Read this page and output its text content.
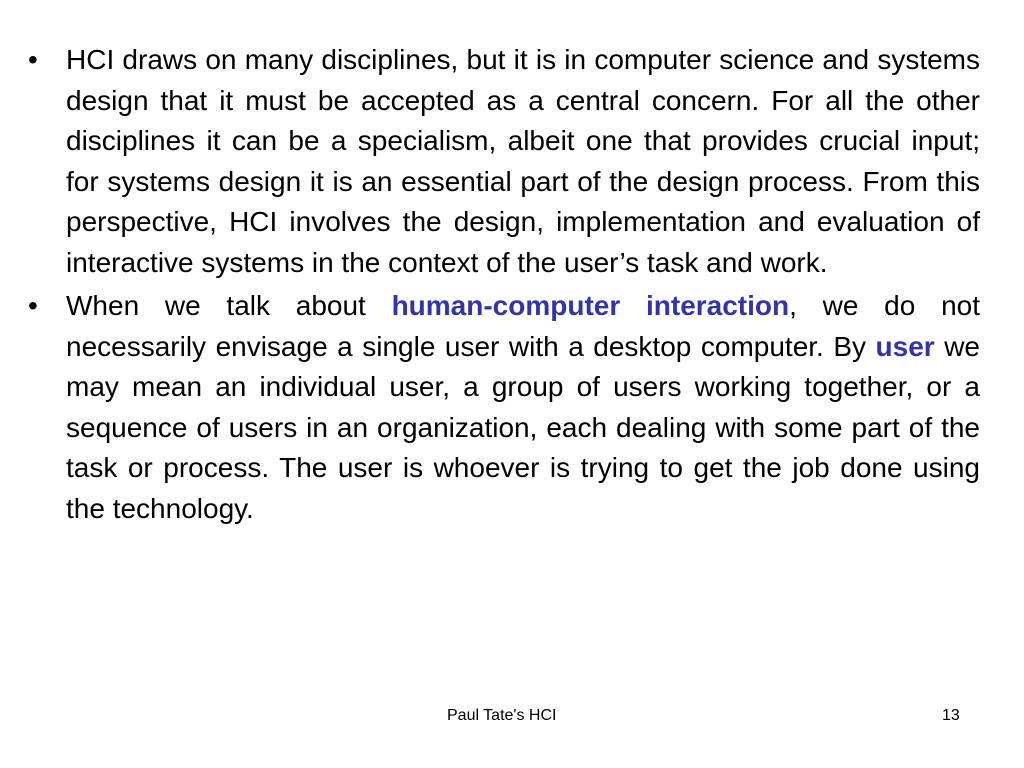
•	HCI draws on many disciplines, but it is in computer science and systems design that it must be accepted as a central concern. For all the other disciplines it can be a specialism, albeit one that provides crucial input; for systems design it is an essential part of the design process. From this perspective, HCI involves the design, implementation and evaluation of interactive systems in the context of the user’s task and work.
•	When we talk about human-computer interaction, we do not necessarily envisage a single user with a desktop computer. By user we may mean an individual user, a group of users working together, or a sequence of users in an organization, each dealing with some part of the task or process. The user is whoever is trying to get the job done using the technology.
Paul Tate's HCI	13
